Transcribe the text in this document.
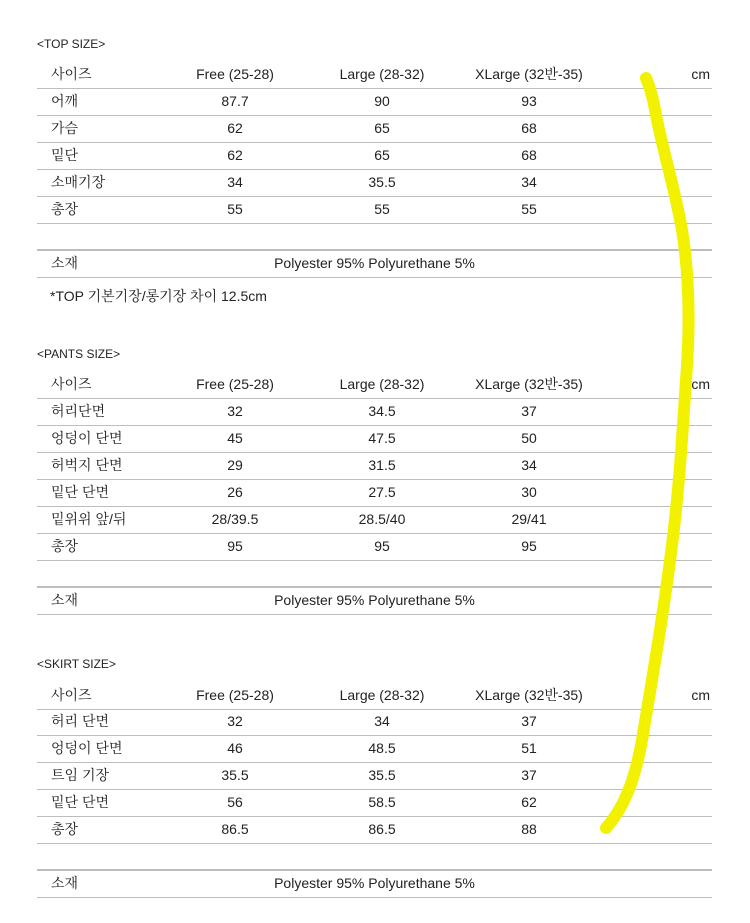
<TOP SIZE>
사이즈	Free (25-28)	Large (28-32)	XLarge (32반-35)	cm
어깨	87.7	90	93
가슴	62	65	68
밑단	62	65	68
소매기장	34	35.5	34
총장	55	55	55
소재	Polyester 95% Polyurethane 5%
*TOP 기본기장/롱기장 차이 12.5cm
<PANTS SIZE>
사이즈	Free (25-28)	Large (28-32)	XLarge (32반-35)	cm
허리단면	32	34.5	37
엉덩이 단면	45	47.5	50
허벅지 단면	29	31.5	34
밑단 단면	26	27.5	30
밑위위 앞/뒤	28/39.5	28.5/40	29/41
총장	95	95	95
소재	Polyester 95% Polyurethane 5%
<SKIRT SIZE>
사이즈	Free (25-28)	Large (28-32)	XLarge (32반-35)	cm
허리 단면	32	34	37
엉덩이 단면	46	48.5	51
트임 기장	35.5	35.5	37
밑단 단면	56	58.5	62
총장	86.5	86.5	88
소재	Polyester 95% Polyurethane 5%
